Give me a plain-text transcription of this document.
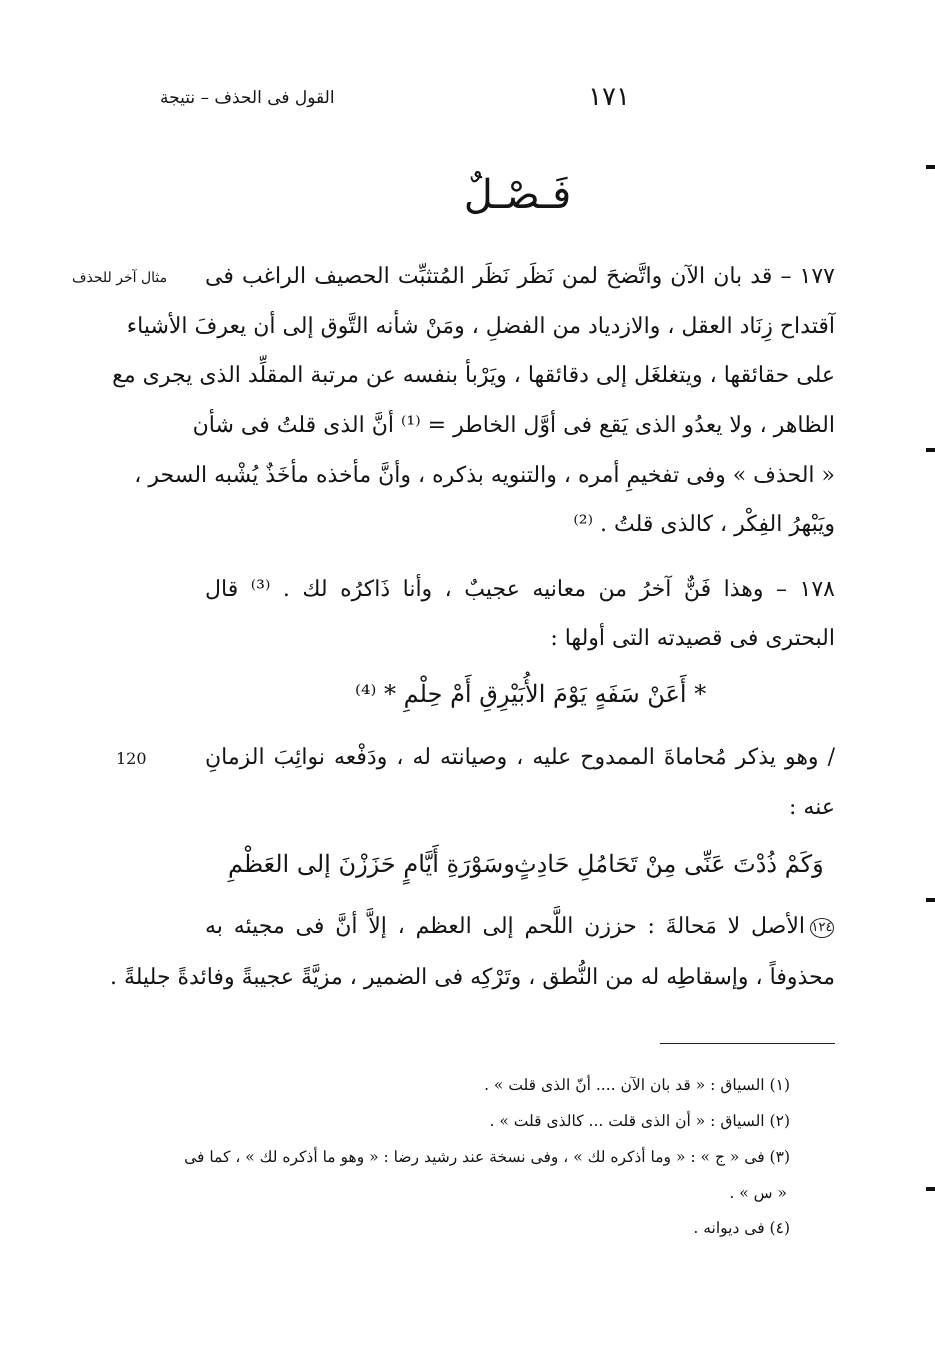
١٧١
القول فى الحذف – نتيجة
فَـصْـلٌ
مثال آخر للحذف
120
١٧٧ – قد بان الآن واتَّضحَ لمن نَظَر نَظَر المُتثبِّت الحصيف الراغب فى
آقتداح زِنَاد العقل ، والازدياد من الفضلِ ، ومَنْ شأنه التَّوق إلى أن يعرفَ الأشياء
على حقائقها ، ويتغلغَل إلى دقائقها ، ويَرْبأ بنفسه عن مرتبة المقلِّد الذى يجرى مع
الظاهر ، ولا يعدُو الذى يَقع فى أوَّل الخاطر = ⁽¹⁾ أنَّ الذى قلتُ فى شأن
« الحذف » وفى تفخيمِ أمره ، والتنويه بذكره ، وأنَّ مأخذه مأخَذٌ يُشْبه السحر ،
ويَبْهرُ الفِكْر ، كالذى قلتُ . ⁽²⁾
١٧٨ – وهذا فَنٌّ آخرُ من معانيه عجيبٌ ، وأنا ذَاكرُه لك . ⁽³⁾ قال
البحترى فى قصيدته التى أولها :
* أَعَنْ سَفَهٍ يَوْمَ الأُبَيْرِقِ أَمْ حِلْمِ * ⁽⁴⁾
/ وهو يذكر مُحاماةَ الممدوح عليه ، وصيانته له ، ودَفْعه نوائِبَ الزمانِ
عنه :
وَكَمْ ذُدْتَ عَنِّى مِنْ تَحَامُلِ حَادِثٍ
وسَوْرَةِ أَيَّامٍ حَزَزْنَ إلى العَظْمِ
الأصل لا مَحالةَ : حززن اللَّحم إلى العظم ، إلاَّ أنَّ فى مجيئه به ١٢٤
محذوفاً ، وإسقاطِه له من النُّطق ، وتَرْكِه فى الضمير ، مزيَّةً عجيبةً وفائدةً جليلةً .
(١) السياق : « قد بان الآن .... أنّ الذى قلت » .
(٢) السياق : « أن الذى قلت ... كالذى قلت » .
(٣) فى « ج » : « وما أذكره لك » ، وفى نسخة عند رشيد رضا : « وهو ما أذكره لك » ، كما فى
« س » .
(٤) فى ديوانه .
